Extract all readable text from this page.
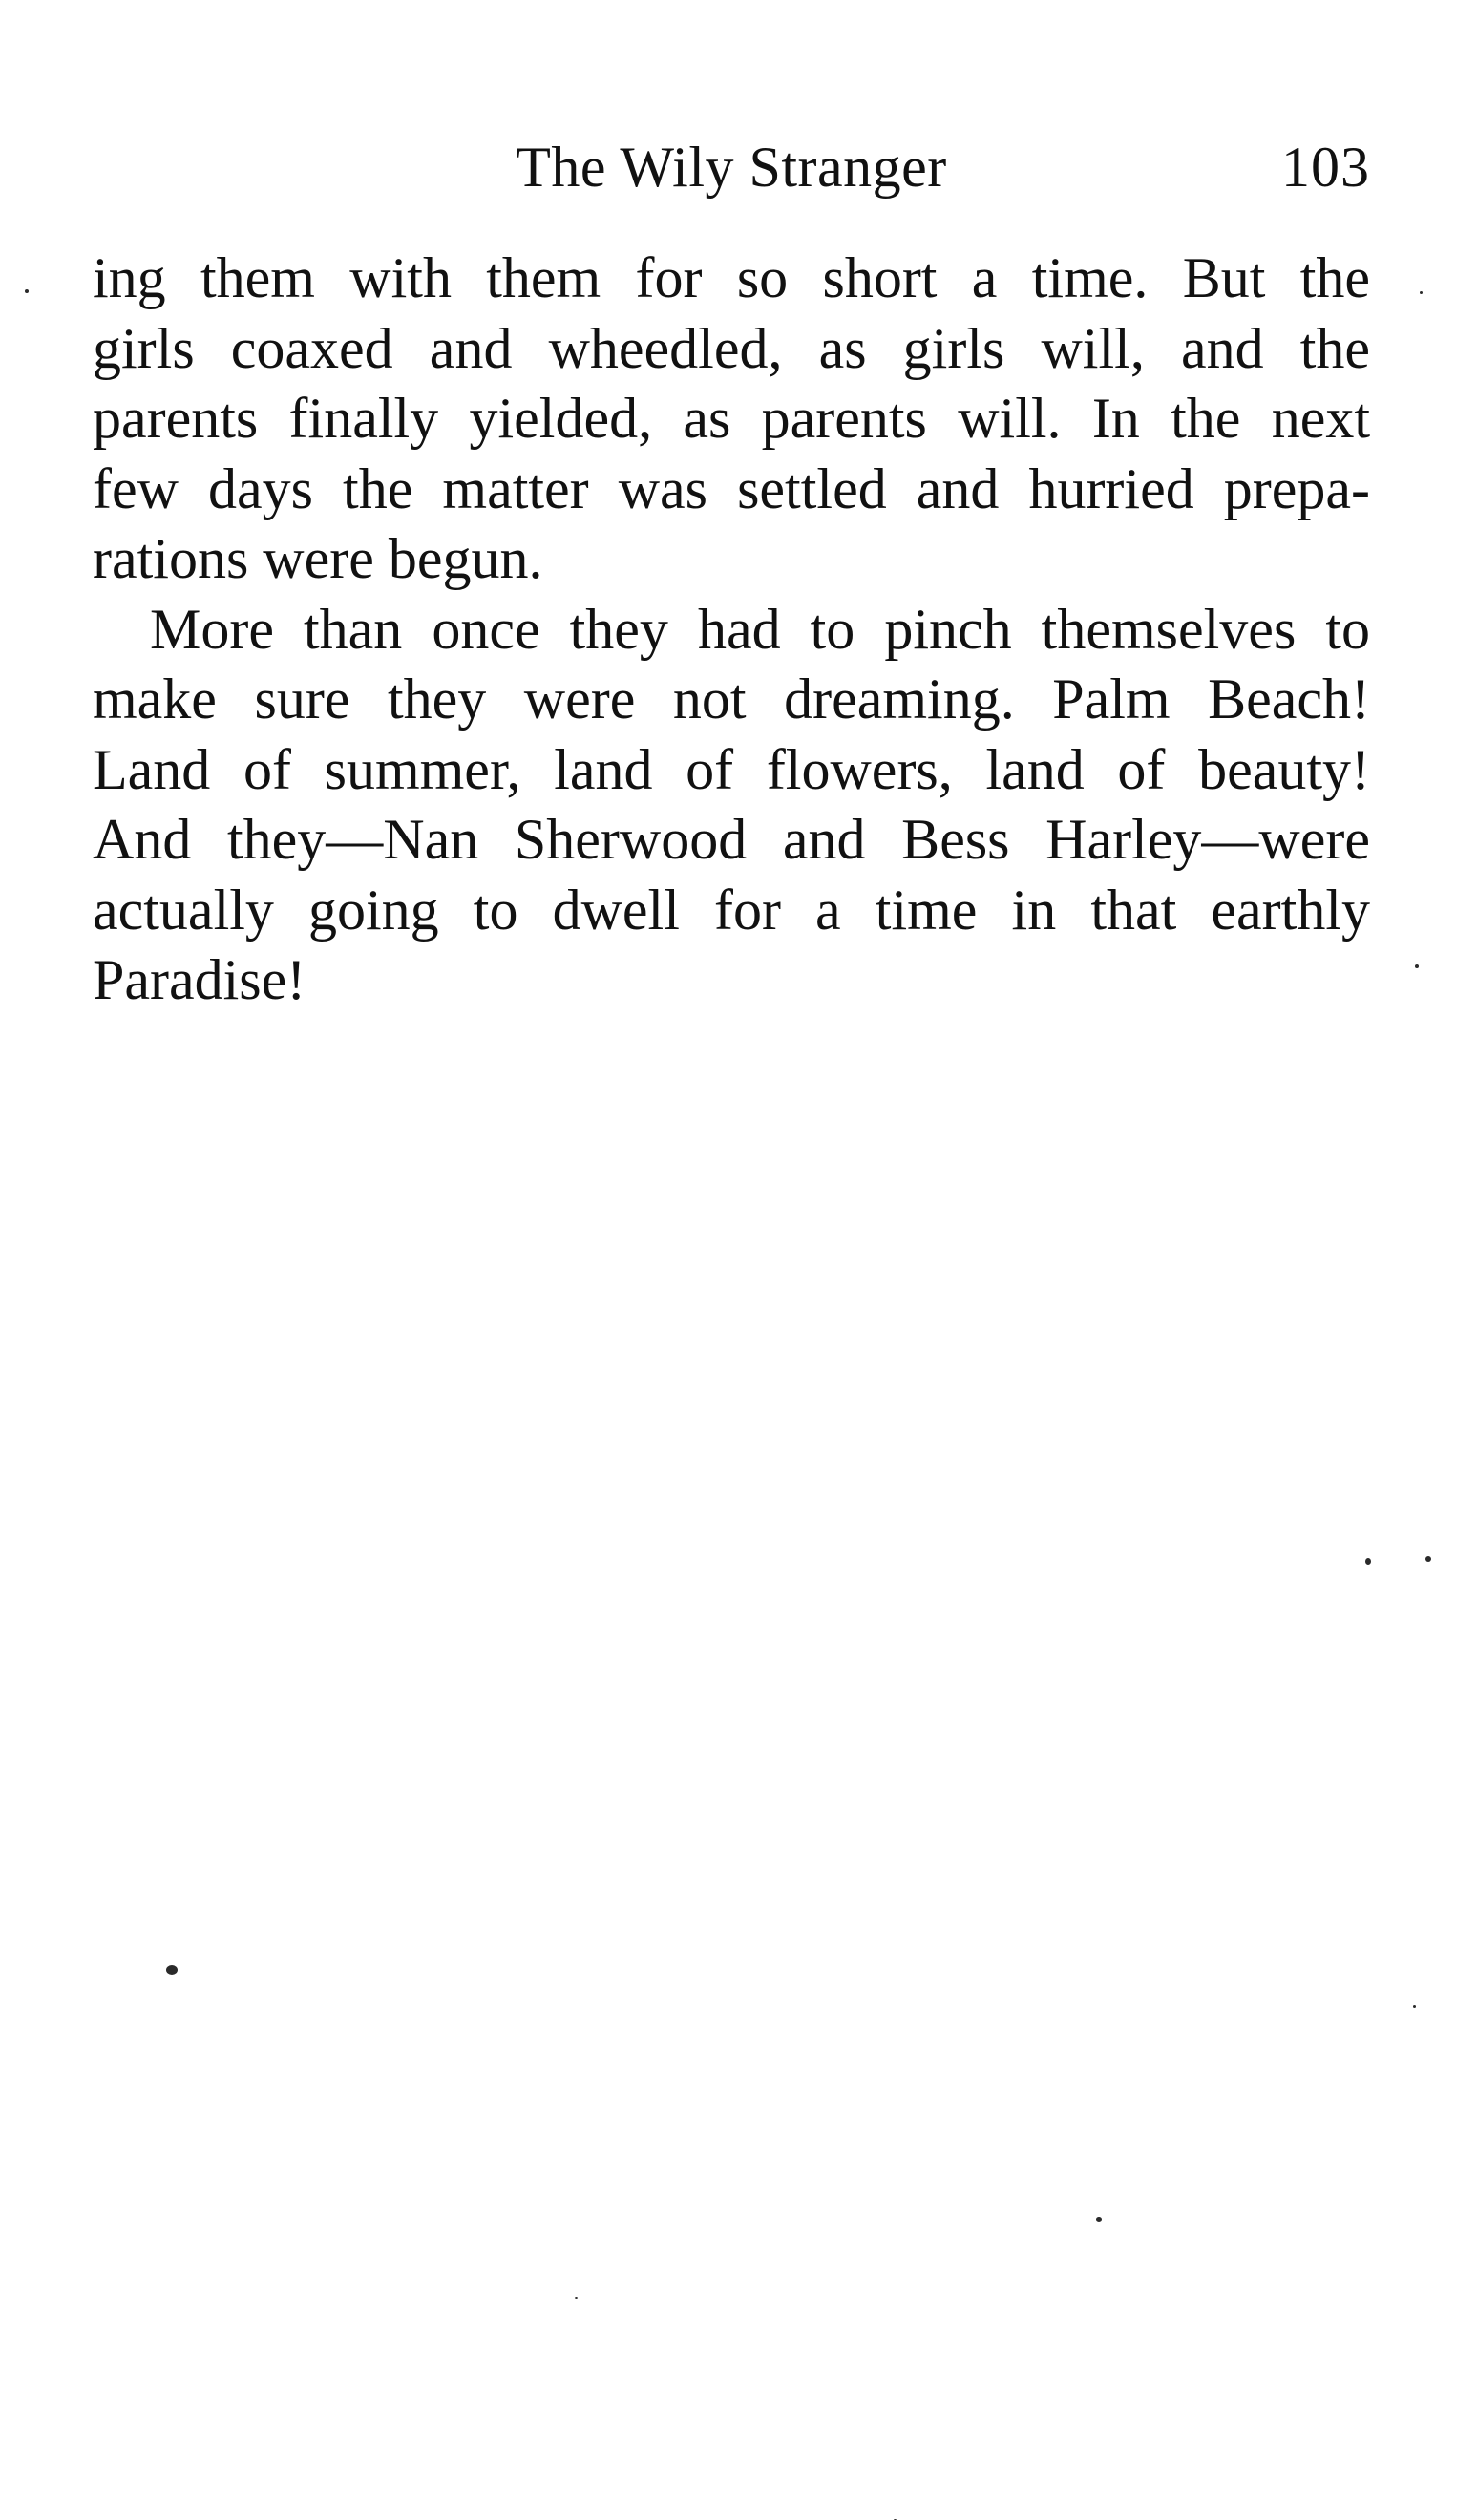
The Wily Stranger	103
ing them with them for so short a time. But the
girls coaxed and wheedled, as girls will, and the
parents finally yielded, as parents will. In the next
few days the matter was settled and hurried prepa-
rations were begun.
More than once they had to pinch themselves to
make sure they were not dreaming. Palm Beach!
Land of summer, land of flowers, land of beauty!
And they—Nan Sherwood and Bess Harley—were
actually going to dwell for a time in that earthly
Paradise!
